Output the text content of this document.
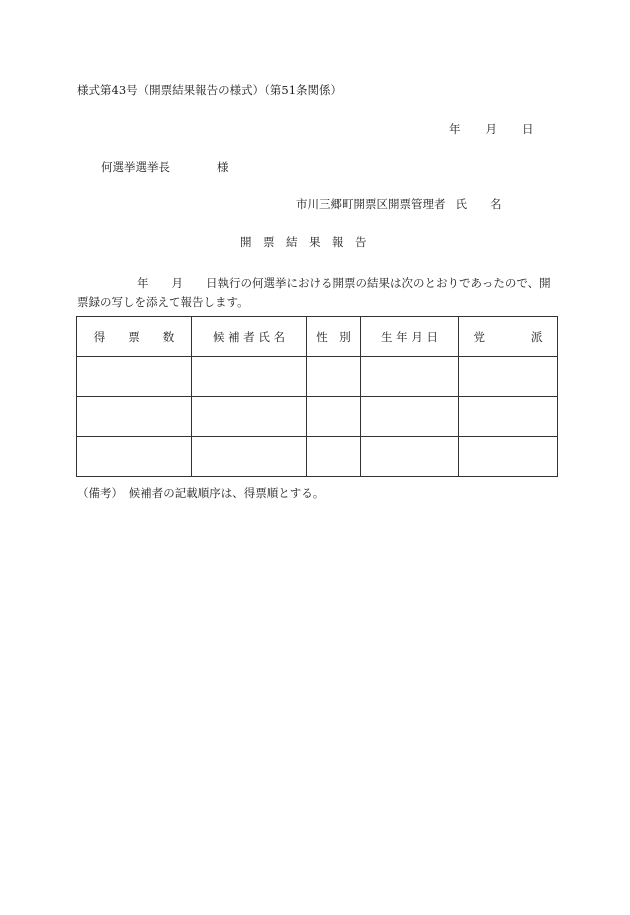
様式第43号（開票結果報告の様式）（第51条関係）
年 月 日
何選挙選挙長	様
市川三郷町開票区開票管理者 氏　　名
開　票　結　果　報　告
年　　月　　日執行の何選挙における開票の結果は次のとおりであったので、開票録の写しを添えて報告します。
得　　票　　数	候 補 者 氏 名	性　別	生 年 月 日	党　　　　派

（備考）　候補者の記載順序は、得票順とする。
